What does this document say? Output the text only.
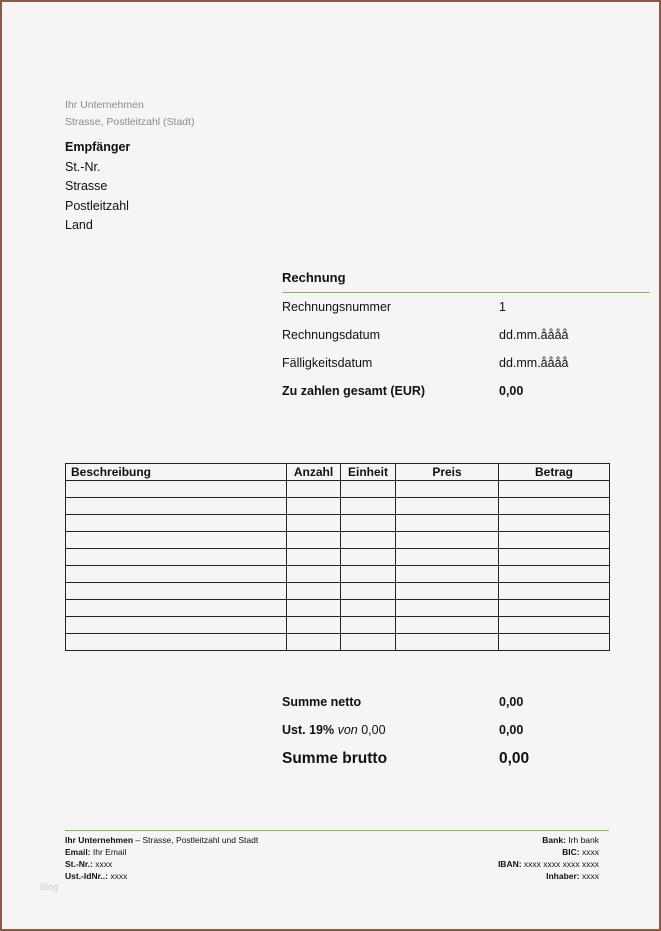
Ihr Unternehmen
Strasse, Postleitzahl (Stadt)
Empfänger
St.-Nr.
Strasse
Postleitzahl
Land
Rechnung
Rechnungsnummer	1
Rechnungsdatum	dd.mm.åååå
Fälligkeitsdatum	dd.mm.åååå
Zu zahlen gesamt (EUR)	0,00
Beschreibung	Anzahl	Einheit	Preis	Betrag

Summe netto	0,00
Ust. 19% von 0,00	0,00
Summe brutto	0,00
Ihr Unternehmen – Strasse, Postleitzahl und Stadt
Email: Ihr Email
St.-Nr.: xxxx
Ust.-IdNr..: xxxx
Bank: Irh bank
BIC: xxxx
IBAN: xxxx xxxx xxxx xxxx
Inhaber: xxxx
Blog
